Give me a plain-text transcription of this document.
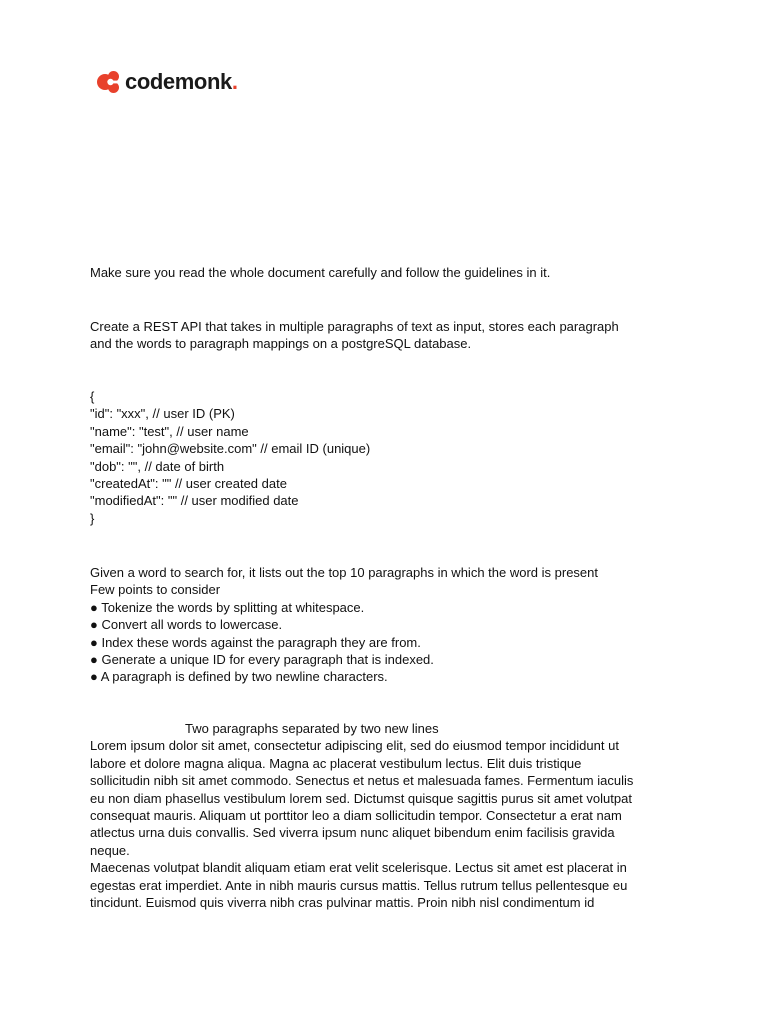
codemonk .

Make sure you read the whole document carefully and follow the guidelines in it.

Create a REST API that takes in multiple paragraphs of text as input, stores each paragraph

and the words to paragraph mappings on a postgreSQL database.

{

"id": "xxx", // user ID (PK)

"name": "test", // user name

"email": "john@website.com" // email ID (unique)

"dob": "", // date of birth

"createdAt": "" // user created date

"modifiedAt": "" // user modified date

}

Given a word to search for, it lists out the top 10 paragraphs in which the word is present

Few points to consider

● Tokenize the words by splitting at whitespace.

● Convert all words to lowercase.

● Index these words against the paragraph they are from.

● Generate a unique ID for every paragraph that is indexed.

● A paragraph is defined by two newline characters.

Two paragraphs separated by two new lines

Lorem ipsum dolor sit amet, consectetur adipiscing elit, sed do eiusmod tempor incididunt ut

labore et dolore magna aliqua. Magna ac placerat vestibulum lectus. Elit duis tristique

sollicitudin nibh sit amet commodo. Senectus et netus et malesuada fames. Fermentum iaculis

eu non diam phasellus vestibulum lorem sed. Dictumst quisque sagittis purus sit amet volutpat

consequat mauris. Aliquam ut porttitor leo a diam sollicitudin tempor. Consectetur a erat nam

atlectus urna duis convallis. Sed viverra ipsum nunc aliquet bibendum enim facilisis gravida

neque.

Maecenas volutpat blandit aliquam etiam erat velit scelerisque. Lectus sit amet est placerat in

egestas erat imperdiet. Ante in nibh mauris cursus mattis. Tellus rutrum tellus pellentesque eu

tincidunt. Euismod quis viverra nibh cras pulvinar mattis. Proin nibh nisl condimentum id
